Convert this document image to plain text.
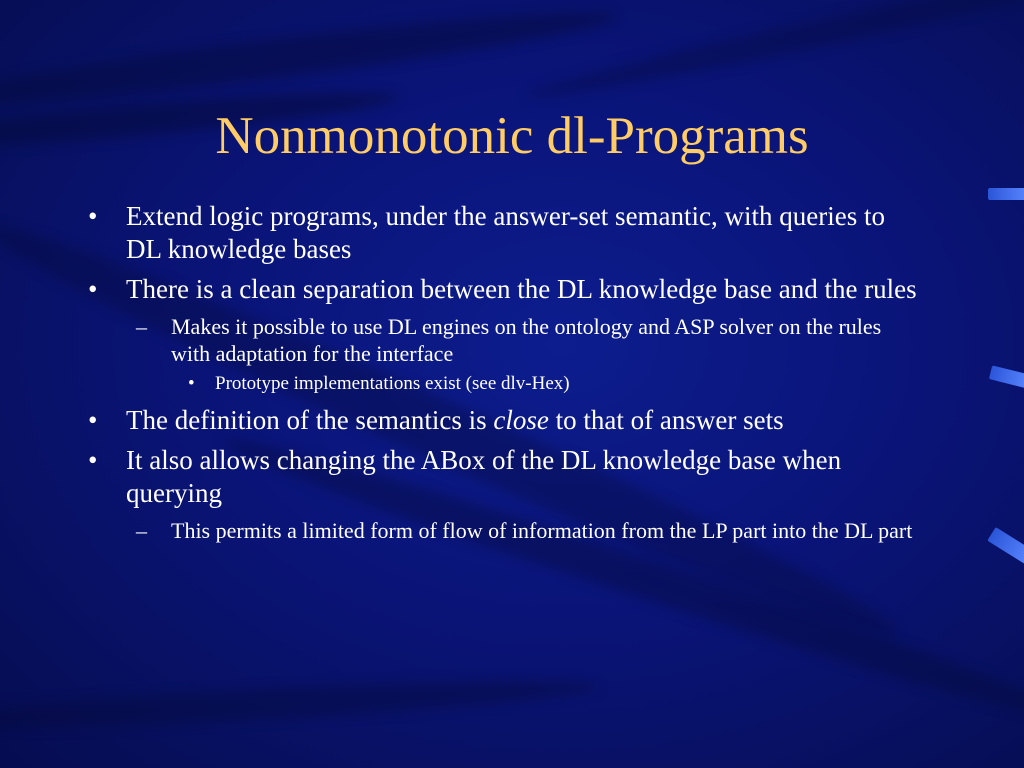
Nonmonotonic dl-Programs
• Extend logic programs, under the answer-set semantic, with queries to DL knowledge bases
• There is a clean separation between the DL knowledge base and the rules
– Makes it possible to use DL engines on the ontology and ASP solver on the rules with adaptation for the interface
• Prototype implementations exist (see dlv-Hex)
• The definition of the semantics is close to that of answer sets
• It also allows changing the ABox of the DL knowledge base when querying
– This permits a limited form of flow of information from the LP part into the DL part
